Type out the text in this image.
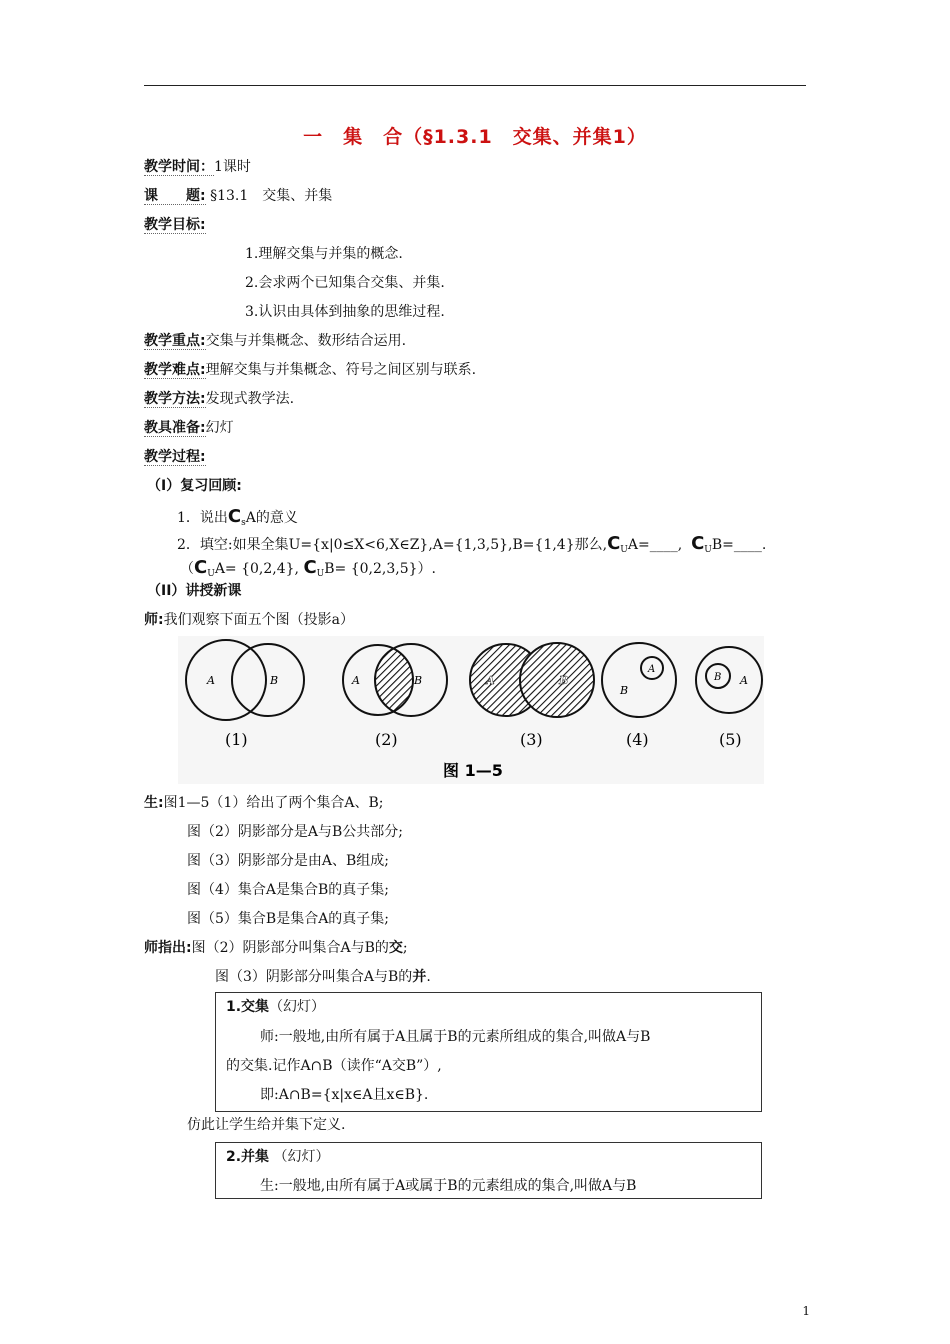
一　集　合（§1.3.1　交集、并集1）
教学时间：1课时
课　　题: §13.1　交集、并集
教学目标:
1.理解交集与并集的概念.
2.会求两个已知集合交集、并集.
3.认识由具体到抽象的思维过程.
教学重点:交集与并集概念、数形结合运用.
教学难点:理解交集与并集概念、符号之间区别与联系.
教学方法:发现式教学法.
教具准备:幻灯
教学过程:
（I）复习回顾:
1．说出$C_sA$的意义
2．填空:如果全集U={x|0≤X<6,X∈Z},A={1,3,5},B={1,4}那么$,C_UA=\_\_\_\_$, $C_UB=\_\_\_\_$.
（$C_UA= \{0,2,4\}$, $C_UB= \{0,2,3,5\}$）.
（II）讲授新课
师:我们观察下面五个图（投影a）
A	B	A	B	A	B
A
B
B A
(1)	(2)	(3)	(4)	(5)
图 1—5
生:图1—5（1）给出了两个集合A、B;
图（2）阴影部分是A与B公共部分;
图（3）阴影部分是由A、B组成;
图（4）集合A是集合B的真子集;
图（5）集合B是集合A的真子集;
师指出:图（2）阴影部分叫集合A与B的交;
图（3）阴影部分叫集合A与B的并.
1.交集（幻灯）
师:一般地,由所有属于A且属于B的元素所组成的集合,叫做A与B
的交集.记作A∩B（读作“A交B”）,
即:A∩B={x|x∈A且x∈B}.
仿此让学生给并集下定义.
2.并集 （幻灯）
生:一般地,由所有属于A或属于B的元素组成的集合,叫做A与B
1
